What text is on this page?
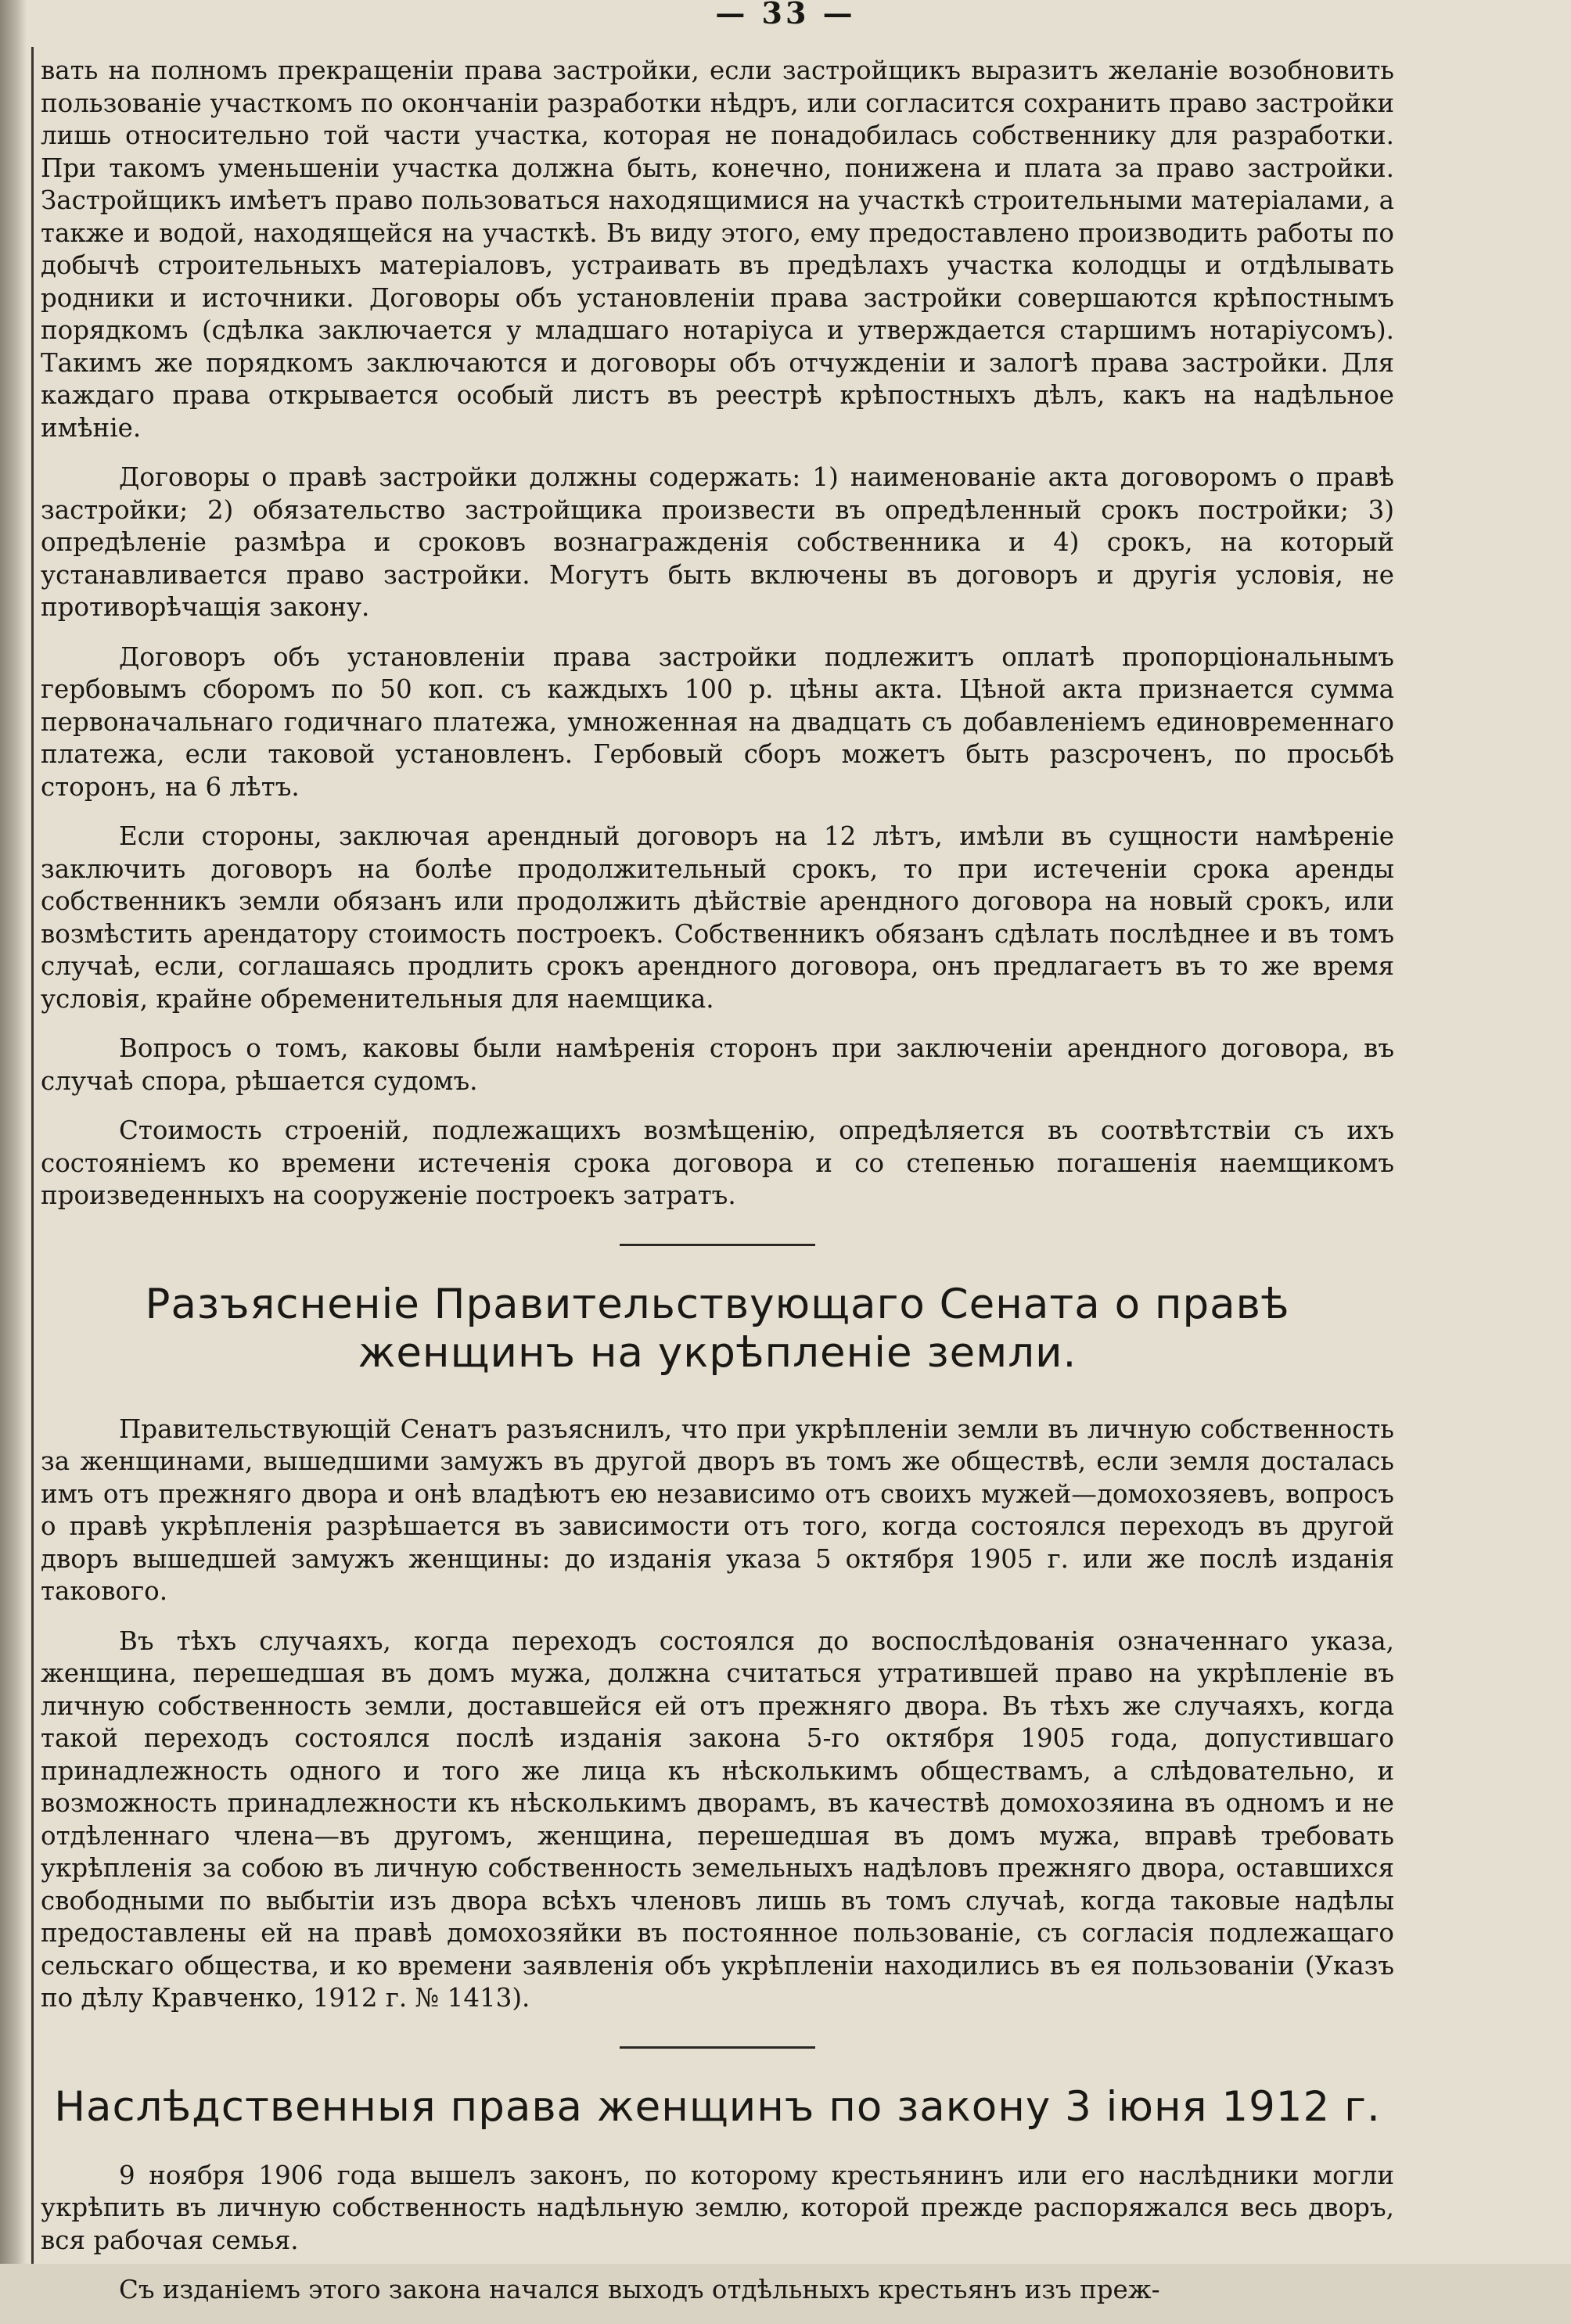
— 33 —

вать на полномъ прекращеніи права застройки, если застройщикъ выразитъ желаніе возобновить пользованіе участкомъ по окончаніи разработки нѣдръ, или согласится сохранить право застройки лишь относительно той части участка, которая не понадобилась собственнику для разработки. При такомъ уменьшеніи участка должна быть, конечно, понижена и плата за право застройки. Застройщикъ имѣетъ право пользоваться находящимися на участкѣ строительными матеріалами, а также и водой, находящейся на участкѣ. Въ виду этого, ему предоставлено производить работы по добычѣ строительныхъ матеріаловъ, устраивать въ предѣлахъ участка колодцы и отдѣлывать родники и источники. Договоры объ установленіи права застройки совершаются крѣпостнымъ порядкомъ (сдѣлка заключается у младшаго нотаріуса и утверждается старшимъ нотаріусомъ). Такимъ же порядкомъ заключаются и договоры объ отчужденіи и залогѣ права застройки. Для каждаго права открывается особый листъ въ реестрѣ крѣпостныхъ дѣлъ, какъ на надѣльное имѣніе.

Договоры о правѣ застройки должны содержать: 1) наименованіе акта договоромъ о правѣ застройки; 2) обязательство застройщика произвести въ опредѣленный срокъ постройки; 3) опредѣленіе размѣра и сроковъ вознагражденія собственника и 4) срокъ, на который устанавливается право застройки. Могутъ быть включены въ договоръ и другія условія, не противорѣчащія закону.

Договоръ объ установленіи права застройки подлежитъ оплатѣ пропорціональнымъ гербовымъ сборомъ по 50 коп. съ каждыхъ 100 р. цѣны акта. Цѣной акта признается сумма первоначальнаго годичнаго платежа, умноженная на двадцать съ добавленіемъ единовременнаго платежа, если таковой установленъ. Гербовый сборъ можетъ быть разсроченъ, по просьбѣ сторонъ, на 6 лѣтъ.

Если стороны, заключая арендный договоръ на 12 лѣтъ, имѣли въ сущности намѣреніе заключить договоръ на болѣе продолжительный срокъ, то при истеченіи срока аренды собственникъ земли обязанъ или продолжить дѣйствіе арендного договора на новый срокъ, или возмѣстить арендатору стоимость построекъ. Собственникъ обязанъ сдѣлать послѣднее и въ томъ случаѣ, если, соглашаясь продлить срокъ арендного договора, онъ предлагаетъ въ то же время условія, крайне обременительныя для наемщика.

Вопросъ о томъ, каковы были намѣренія сторонъ при заключеніи арендного договора, въ случаѣ спора, рѣшается судомъ.

Стоимость строеній, подлежащихъ возмѣщенію, опредѣляется въ соотвѣтствіи съ ихъ состояніемъ ко времени истеченія срока договора и со степенью погашенія наемщикомъ произведенныхъ на сооруженіе построекъ затратъ.

Разъясненіе Правительствующаго Сената о правѣ женщинъ на укрѣпленіе земли.

Правительствующій Сенатъ разъяснилъ, что при укрѣпленіи земли въ личную собственность за женщинами, вышедшими замужъ въ другой дворъ въ томъ же обществѣ, если земля досталась имъ отъ прежняго двора и онѣ владѣютъ ею независимо отъ своихъ мужей—домохозяевъ, вопросъ о правѣ укрѣпленія разрѣшается въ зависимости отъ того, когда состоялся переходъ въ другой дворъ вышедшей замужъ женщины: до изданія указа 5 октября 1905 г. или же послѣ изданія такового.

Въ тѣхъ случаяхъ, когда переходъ состоялся до воспослѣдованія означеннаго указа, женщина, перешедшая въ домъ мужа, должна считаться утратившей право на укрѣпленіе въ личную собственность земли, доставшейся ей отъ прежняго двора. Въ тѣхъ же случаяхъ, когда такой переходъ состоялся послѣ изданія закона 5-го октября 1905 года, допустившаго принадлежность одного и того же лица къ нѣсколькимъ обществамъ, а слѣдовательно, и возможность принадлежности къ нѣсколькимъ дворамъ, въ качествѣ домохозяина въ одномъ и не отдѣленнаго члена—въ другомъ, женщина, перешедшая въ домъ мужа, вправѣ требовать укрѣпленія за собою въ личную собственность земельныхъ надѣловъ прежняго двора, оставшихся свободными по выбытіи изъ двора всѣхъ членовъ лишь въ томъ случаѣ, когда таковые надѣлы предоставлены ей на правѣ домохозяйки въ постоянное пользованіе, съ согласія подлежащаго сельскаго общества, и ко времени заявленія объ укрѣпленіи находились въ ея пользованіи (Указъ по дѣлу Кравченко, 1912 г. № 1413).

Наслѣдственныя права женщинъ по закону 3 іюня 1912 г.

9 ноября 1906 года вышелъ законъ, по которому крестьянинъ или его наслѣдники могли укрѣпить въ личную собственность надѣльную землю, которой прежде распоряжался весь дворъ, вся рабочая семья.

Съ изданіемъ этого закона начался выходъ отдѣльныхъ крестьянъ изъ преж-
